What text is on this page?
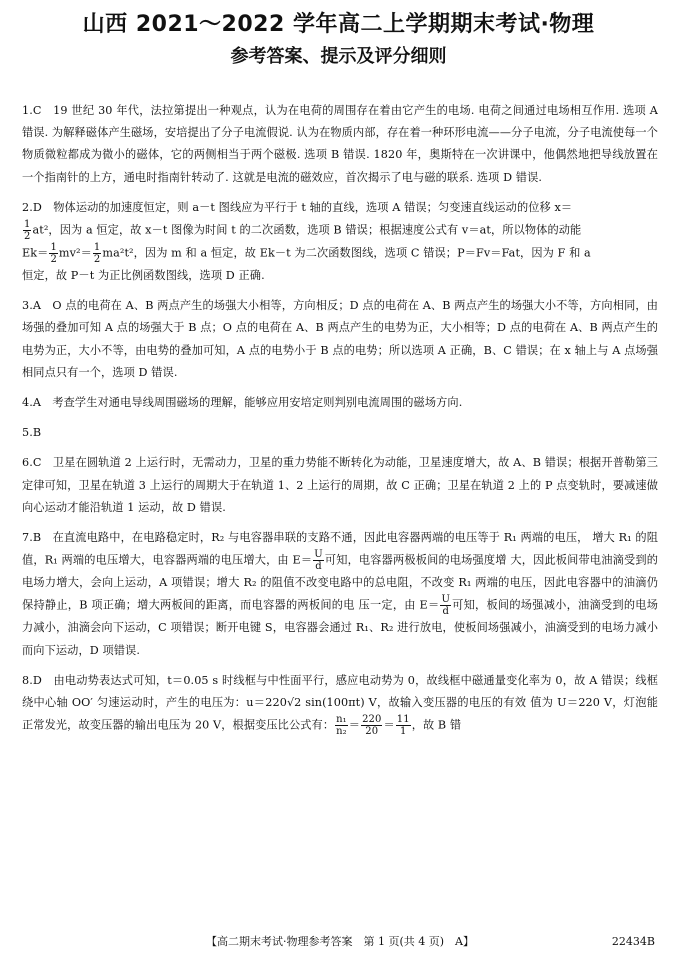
山西 2021～2022 学年高二上学期期末考试·物理
参考答案、提示及评分细则

1.C　 19 世纪 30 年代，法拉第提出一种观点，认为在电荷的周围存在着由它产生的电场. 电荷之间通过电场相互作用. 选项 A 错误. 为解释磁体产生磁场，安培提出了分子电流假说. 认为在物质内部，存在着一种环形电流——分子电流，分子电流使每一个物质微粒都成为微小的磁体，它的两侧相当于两个磁极. 选项 B 错误. 1820 年，奥斯特在一次讲课中，他偶然地把导线放置在一个指南针的上方，通电时指南针转动了. 这就是电流的磁效应，首次揭示了电与磁的联系. 选项 D 错误.

2.D　 物体运动的加速度恒定，则 a－t 图线应为平行于 t 轴的直线，选项 A 错误；匀变速直线运动的位移 x＝

$\frac{1}{2} at^2$，因为 a 恒定，故 x－t 图像为时间 t 的二次函数，选项 B 错误；根据速度公式有 v＝at，所以物体的动能
$Ek= \frac{1}{2} mv^2= \frac{1}{2} ma^2t^2$，因为 m 和 a 恒定，故 Ek－t 为二次函数图线，选项 C 错误；P＝Fv＝Fat，因为 F 和 a
恒定，故 P－t 为正比例函数图线，选项 D 正确.

3.A　 O 点的电荷在 A、B 两点产生的场强大小相等，方向相反；D 点的电荷在 A、B 两点产生的场强大小不等，方向相同，由场强的叠加可知 A 点的场强大于 B 点；O 点的电荷在 A、B 两点产生的电势为正，大小相等；D 点的电荷在 A、B 两点产生的电势为正，大小不等，由电势的叠加可知，A 点的电势小于 B 点的电势；所以选项 A 正确，B、C 错误；在 x 轴上与 A 点场强相同点只有一个，选项 D 错误.

4.A　 考查学生对通电导线周围磁场的理解，能够应用安培定则判别电流周围的磁场方向.

5.B

6.C　 卫星在圆轨道 2 上运行时，无需动力，卫星的重力势能不断转化为动能，卫星速度增大，故 A、B 错误；根据开普勒第三定律可知，卫星在轨道 3 上运行的周期大于在轨道 1、2 上运行的周期，故 C 正确；卫星在轨道 2 上的 P 点变轨时，要减速做向心运动才能沿轨道 1 运动，故 D 错误.

7.B　 在直流电路中，在电路稳定时，R₂ 与电容器串联的支路不通，因此电容器两端的电压等于 R₁ 两端的电压， 增大 R₁ 的阻值，R₁ 两端的电压增大，电容器两端的电压增大，由 $E= \frac{U}{d}$ 可知，电容器两极板间的电场强度增 大，因此板间带电油滴受到的电场力增大，会向上运动，A 项错误；增大 R₂ 的阻值不改变电路中的总电阻，不改变 R₁ 两端的电压，因此电容器中的油滴仍保持静止，B 项正确；增大两板间的距离，而电容器的两板间的电 压一定，由 $E= \frac{U}{d}$ 可知，板间的场强减小，油滴受到的电场力减小，油滴会向下运动，C 项错误；断开电键 S，电容器会通过 R₁、R₂ 进行放电，使板间场强减小，油滴受到的电场力减小而向下运动，D 项错误.

8.D　 由电动势表达式可知，t＝0.05 s 时线框与中性面平行，感应电动势为 0，故线框中磁通量变化率为 0，故 A 错误；线框绕中心轴 OO′ 匀速运动时，产生的电压为：u＝220√2 sin(100πt) V，故输入变压器的电压的有效 值为 U＝220 V，灯泡能正常发光，故变压器的输出电压为 20 V，根据变压比公式有： $\frac{\text{n₁}}{\text{n₂}} = \frac{220}{20} = \frac{11}{1}$ ，故 B 错

【高二期末考试·物理参考答案　第 1 页(共 4 页)　A】	22434B
